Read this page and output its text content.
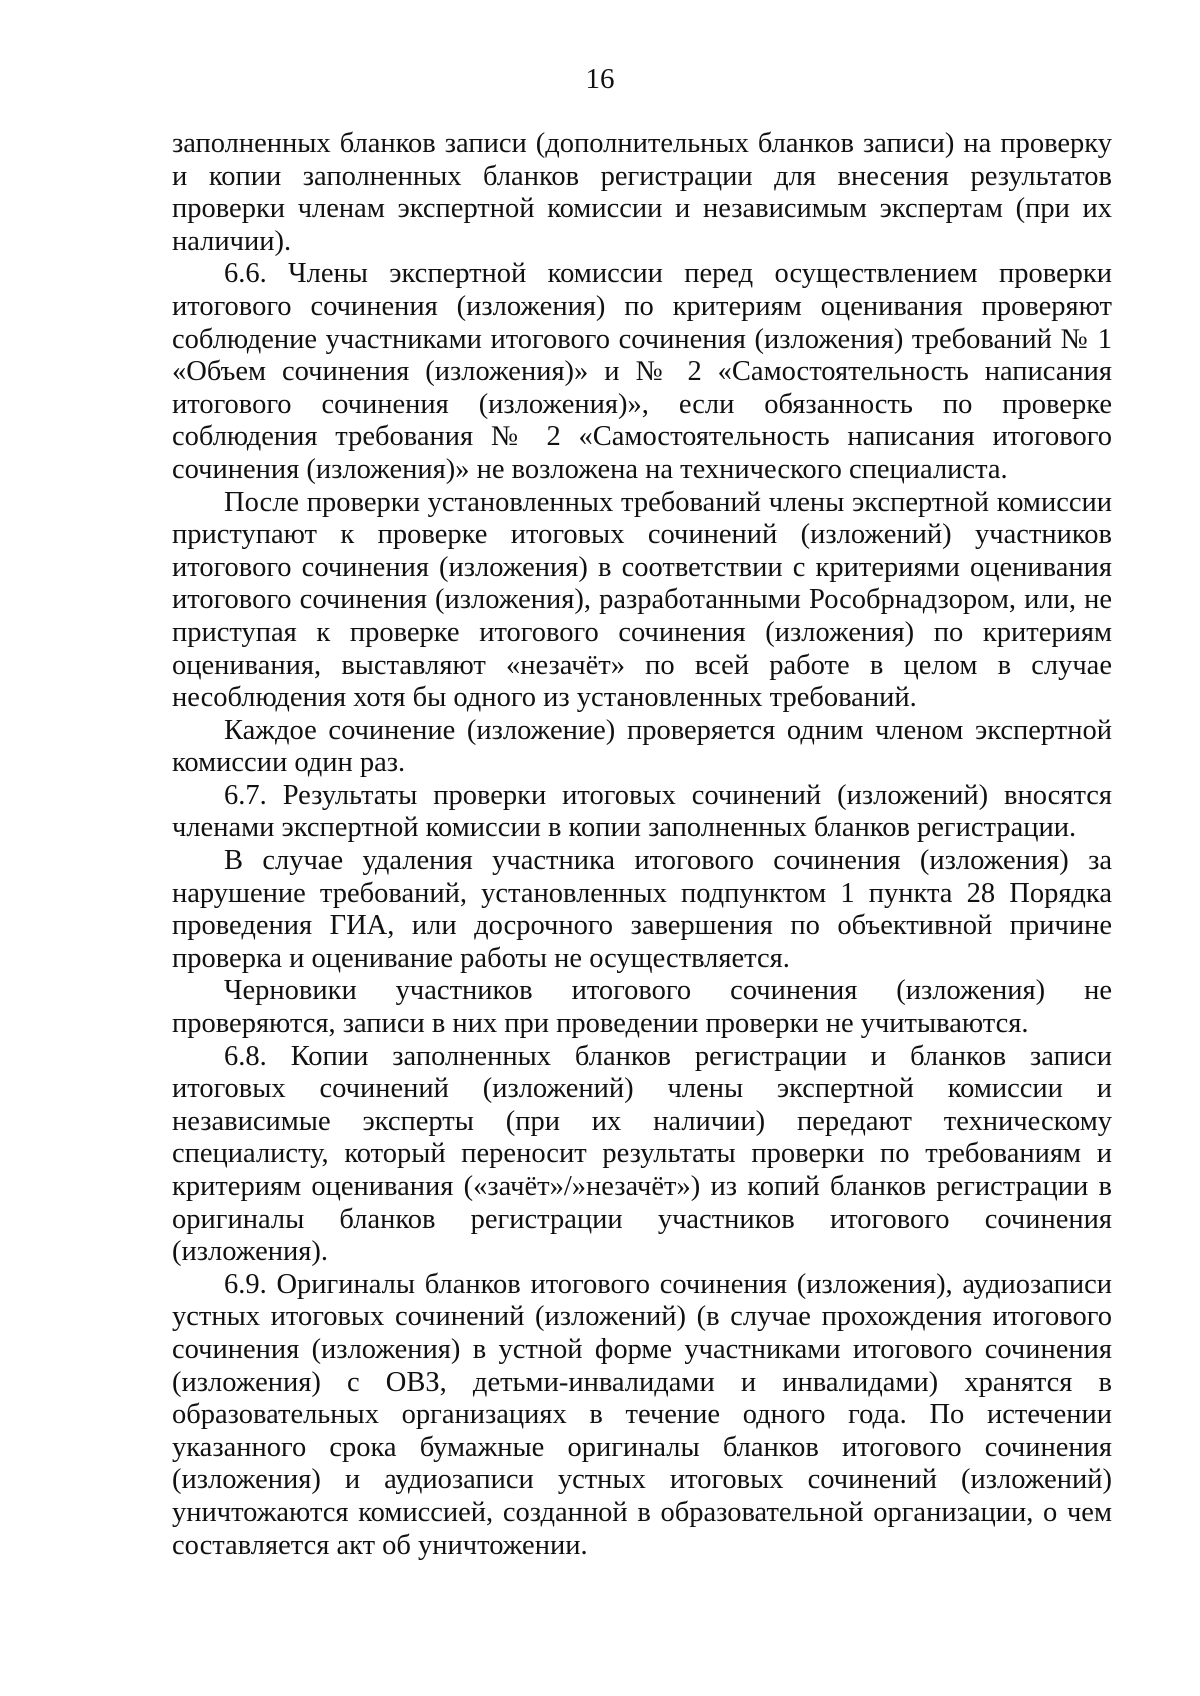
16

заполненных бланков записи (дополнительных бланков записи) на проверку и копии заполненных бланков регистрации для внесения результатов проверки членам экспертной комиссии и независимым экспертам (при их наличии).

6.6. Члены экспертной комиссии перед осуществлением проверки итогового сочинения (изложения) по критериям оценивания проверяют соблюдение участниками итогового сочинения (изложения) требований № 1 «Объем сочинения (изложения)» и № 2 «Самостоятельность написания итогового сочинения (изложения)», если обязанность по проверке соблюдения требования № 2 «Самостоятельность написания итогового сочинения (изложения)» не возложена на технического специалиста.

После проверки установленных требований члены экспертной комиссии приступают к проверке итоговых сочинений (изложений) участников итогового сочинения (изложения) в соответствии с критериями оценивания итогового сочинения (изложения), разработанными Рособрнадзором, или, не приступая к проверке итогового сочинения (изложения) по критериям оценивания, выставляют «незачёт» по всей работе в целом в случае несоблюдения хотя бы одного из установленных требований.

Каждое сочинение (изложение) проверяется одним членом экспертной комиссии один раз.

6.7. Результаты проверки итоговых сочинений (изложений) вносятся членами экспертной комиссии в копии заполненных бланков регистрации.

В случае удаления участника итогового сочинения (изложения) за нарушение требований, установленных подпунктом 1 пункта 28 Порядка проведения ГИА, или досрочного завершения по объективной причине проверка и оценивание работы не осуществляется.

Черновики участников итогового сочинения (изложения) не проверяются, записи в них при проведении проверки не учитываются.

6.8. Копии заполненных бланков регистрации и бланков записи итоговых сочинений (изложений) члены экспертной комиссии и независимые эксперты (при их наличии) передают техническому специалисту, который переносит результаты проверки по требованиям и критериям оценивания («зачёт»/»незачёт») из копий бланков регистрации в оригиналы бланков регистрации участников итогового сочинения (изложения).

6.9. Оригиналы бланков итогового сочинения (изложения), аудиозаписи устных итоговых сочинений (изложений) (в случае прохождения итогового сочинения (изложения) в устной форме участниками итогового сочинения (изложения) с ОВЗ, детьми-инвалидами и инвалидами) хранятся в образовательных организациях в течение одного года. По истечении указанного срока бумажные оригиналы бланков итогового сочинения (изложения) и аудиозаписи устных итоговых сочинений (изложений) уничтожаются комиссией, созданной в образовательной организации, о чем составляется акт об уничтожении.
